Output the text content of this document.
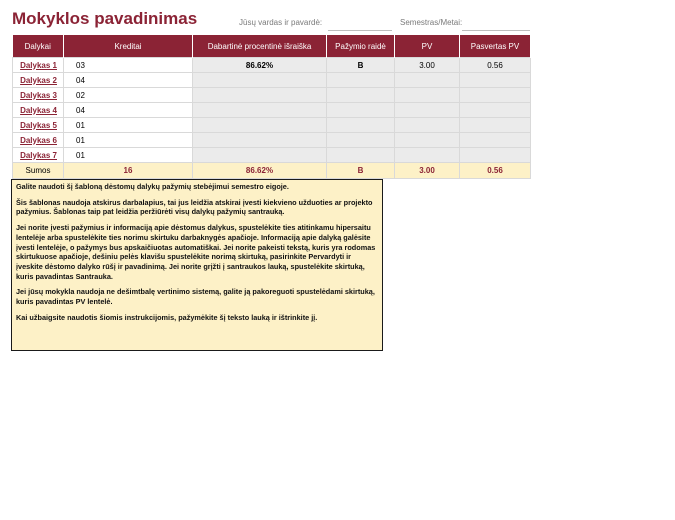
Mokyklos pavadinimas	Jūsų vardas ir pavardė:	Semestras/Metai:
Dalykai	Kreditai	Dabartinė procentinė išraiška	Pažymio raidė	PV	Pasvertas PV
Dalykas 1	03	86.62%	B	3.00	0.56
Dalykas 2	04				
Dalykas 3	02				
Dalykas 4	04				
Dalykas 5	01				
Dalykas 6	01				
Dalykas 7	01				
Sumos	16	86.62%	B	3.00	0.56

Galite naudoti šį šabloną dėstomų dalykų pažymių stebėjimui semestro eigoje.

Šis šablonas naudoja atskirus darbalapius, tai jus leidžia atskirai įvesti kiekvieno užduoties ar projekto pažymius. Šablonas taip pat leidžia peržiūrėti visų dalykų pažymių santrauką.

Jei norite įvesti pažymius ir informaciją apie dėstomus dalykus, spustelėkite ties atitinkamu hipersaitu lentelėje arba spustelėkite ties norimu skirtuku darbaknygės apačioje. Informaciją apie dalyką galėsite įvesti lentelėje, o pažymys bus apskaičiuotas automatiškai. Jei norite pakeisti tekstą, kuris yra rodomas skirtukuose apačioje, dešiniu pelės klavišu spustelėkite norimą skirtuką, pasirinkite Pervardyti ir įveskite dėstomo dalyko rūšį ir pavadinimą. Jei norite grįžti į santraukos lauką, spustelėkite skirtuką, kuris pavadintas Santrauka.

Jei jūsų mokykla naudoja ne dešimtbalę vertinimo sistemą, galite ją pakoreguoti spustelėdami skirtuką, kuris pavadintas PV lentelė.

Kai užbaigsite naudotis šiomis instrukcijomis, pažymėkite šį teksto lauką ir ištrinkite jį.
